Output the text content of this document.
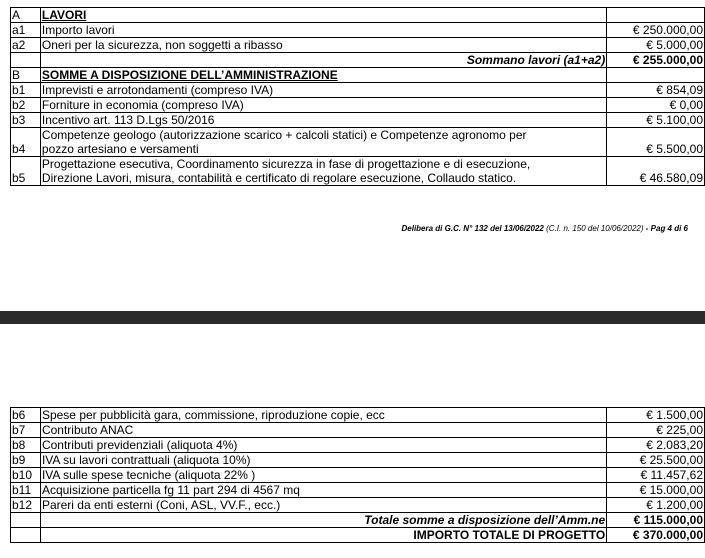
A	LAVORI	
a1	Importo lavori	€ 250.000,00
a2	Oneri per la sicurezza, non soggetti a ribasso	€ 5.000,00
	Sommano lavori (a1+a2)	€ 255.000,00
B	SOMME A DISPOSIZIONE DELL’AMMINISTRAZIONE	
b1	Imprevisti e arrotondamenti (compreso IVA)	€ 854,09
b2	Forniture in economia (compreso IVA)	€ 0,00
b3	Incentivo art. 113 D.Lgs 50/2016	€ 5.100,00
b4	Competenze geologo (autorizzazione scarico + calcoli statici) e Competenze agronomo per
pozzo artesiano e versamenti	€ 5.500,00
b5	Progettazione esecutiva, Coordinamento sicurezza in fase di progettazione e di esecuzione,
Direzione Lavori, misura, contabilità e certificato di regolare esecuzione, Collaudo statico.	€ 46.580,09
Delibera di G.C. N° 132 del 13/06/2022 (C.I. n. 150 del 10/06/2022) - Pag 4 di 6
b6	Spese per pubblicità gara, commissione, riproduzione copie, ecc	€ 1.500,00
b7	Contributo ANAC	€ 225,00
b8	Contributi previdenziali (aliquota 4%)	€ 2.083,20
b9	IVA su lavori contrattuali (aliquota 10%)	€ 25.500,00
b10	IVA sulle spese tecniche (aliquota 22% )	€ 11.457,62
b11	Acquisizione particella fg 11 part 294 di 4567 mq	€ 15.000,00
b12	Pareri da enti esterni (Coni, ASL, VV.F., ecc.)	€ 1.200,00
	Totale somme a disposizione dell’Amm.ne	€ 115.000,00
	IMPORTO TOTALE DI PROGETTO	€ 370.000,00
